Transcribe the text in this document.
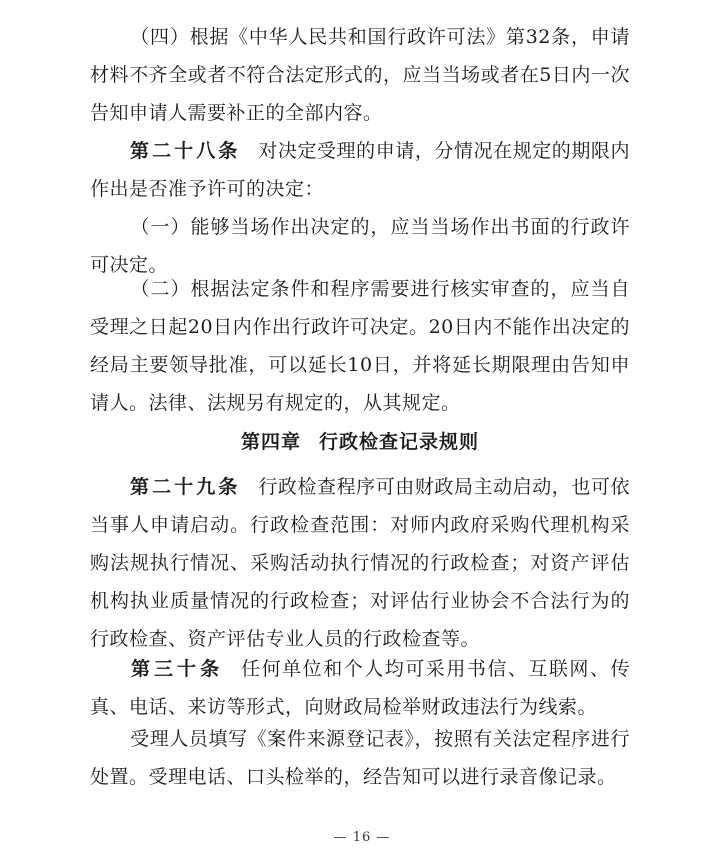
（四）根据《中华人民共和国行政许可法》第32条，申请材料不齐全或者不符合法定形式的，应当当场或者在5日内一次告知申请人需要补正的全部内容。

第二十八条 对决定受理的申请，分情况在规定的期限内作出是否准予许可的决定：

（一）能够当场作出决定的，应当当场作出书面的行政许可决定。

（二）根据法定条件和程序需要进行核实审查的，应当自受理之日起20日内作出行政许可决定。20日内不能作出决定的经局主要领导批准，可以延长10日，并将延长期限理由告知申请人。法律、法规另有规定的，从其规定。

第四章 行政检查记录规则

第二十九条 行政检查程序可由财政局主动启动，也可依当事人申请启动。行政检查范围：对师内政府采购代理机构采购法规执行情况、采购活动执行情况的行政检查；对资产评估机构执业质量情况的行政检查；对评估行业协会不合法行为的行政检查、资产评估专业人员的行政检查等。

第三十条 任何单位和个人均可采用书信、互联网、传真、电话、来访等形式，向财政局检举财政违法行为线索。

受理人员填写《案件来源登记表》，按照有关法定程序进行处置。受理电话、口头检举的，经告知可以进行录音像记录。

— 16 —
